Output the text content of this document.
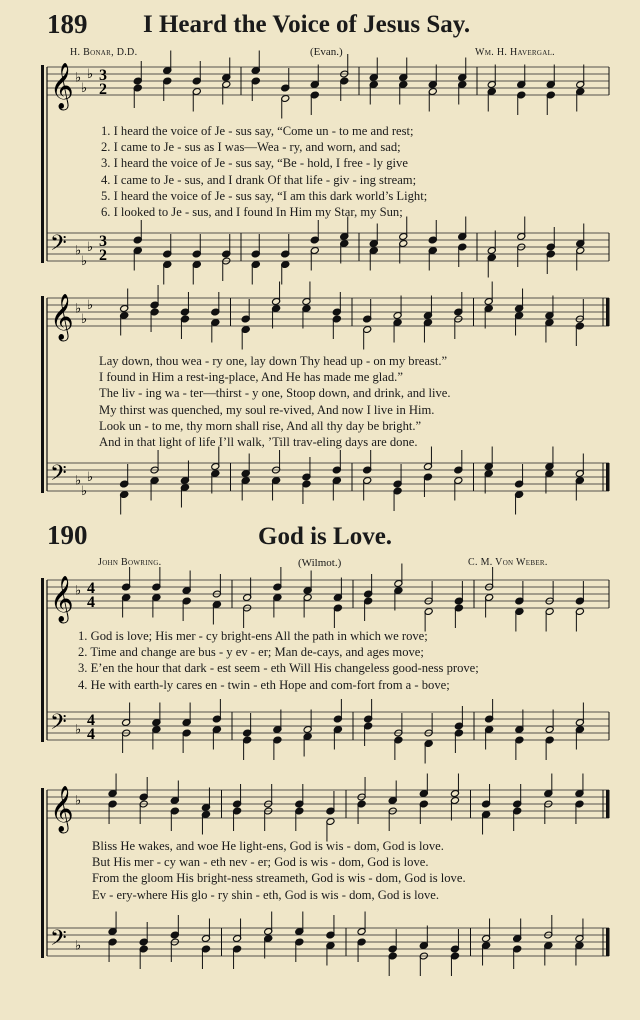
189 I Heard the Voice of Jesus Say.
H. Bonar, D.D.	(Evan.)	Wm. H. Havergal.
𝄞 ♭
♭
♭ 3
2
𝄢 ♭
♭
♭ 3
2
1. I heard the voice of Je - sus say, “Come un - to me and rest;
2. I came to Je - sus as I was—Wea - ry, and worn, and sad;
3. I heard the voice of Je - sus say, “Be - hold, I free - ly give
4. I came to Je - sus, and I drank Of that life - giv - ing stream;
5. I heard the voice of Je - sus say, “I am this dark world’s Light;
6. I looked to Je - sus, and I found In Him my Star, my Sun;
𝄞 ♭
♭
♭
𝄢 ♭
♭
♭
Lay down, thou wea - ry one, lay down Thy head up - on my breast.”
I found in Him a rest-ing-place, And He has made me glad.”
The liv - ing wa - ter—thirst - y one, Stoop down, and drink, and live.
My thirst was quenched, my soul re-vived, And now I live in Him.
Look un - to me, thy morn shall rise, And all thy day be bright.”
And in that light of life I’ll walk, ’Till trav-eling days are done.
190	God is Love.
John Bowring.	(Wilmot.)	C. M. Von Weber.
𝄞 ♭ 4
4
𝄢 ♭
4
4
1. God is love; His mer - cy bright-ens All the path in which we rove;
2. Time and change are bus - y ev - er; Man de-cays, and ages move;
3. E’en the hour that dark - est seem - eth Will His changeless good-ness prove;
4. He with earth-ly cares en - twin - eth Hope and com-fort from a - bove;
𝄞 ♭
𝄢 ♭
Bliss He wakes, and woe He light-ens, God is wis - dom, God is love.
But His mer - cy wan - eth nev - er; God is wis - dom, God is love.
From the gloom His bright-ness streameth, God is wis - dom, God is love.
Ev - ery-where His glo - ry shin - eth, God is wis - dom, God is love.
